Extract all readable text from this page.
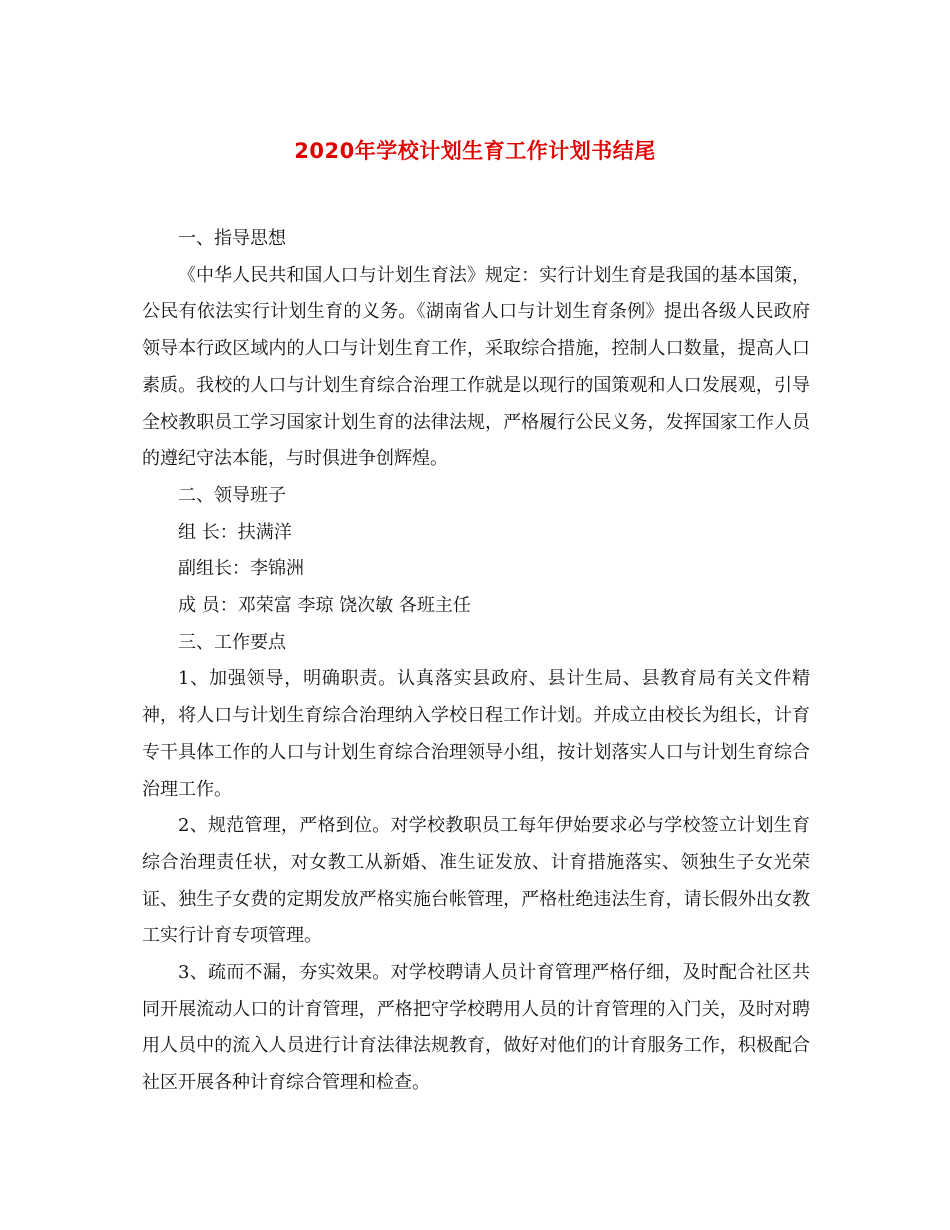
2020年学校计划生育工作计划书结尾

一、指导思想

《中华人民共和国人口与计划生育法》规定：实行计划生育是我国的基本国策，公民有依法实行计划生育的义务。《湖南省人口与计划生育条例》提出各级人民政府领导本行政区域内的人口与计划生育工作，采取综合措施，控制人口数量，提高人口素质。我校的人口与计划生育综合治理工作就是以现行的国策观和人口发展观，引导全校教职员工学习国家计划生育的法律法规，严格履行公民义务，发挥国家工作人员的遵纪守法本能，与时俱进争创辉煌。

二、领导班子

组 长：扶满洋

副组长：李锦洲

成 员：邓荣富 李琼 饶次敏 各班主任

三、工作要点

1、加强领导，明确职责。认真落实县政府、县计生局、县教育局有关文件精神，将人口与计划生育综合治理纳入学校日程工作计划。并成立由校长为组长，计育专干具体工作的人口与计划生育综合治理领导小组，按计划落实人口与计划生育综合治理工作。

2、规范管理，严格到位。对学校教职员工每年伊始要求必与学校签立计划生育综合治理责任状，对女教工从新婚、准生证发放、计育措施落实、领独生子女光荣证、独生子女费的定期发放严格实施台帐管理，严格杜绝违法生育，请长假外出女教工实行计育专项管理。

3、疏而不漏，夯实效果。对学校聘请人员计育管理严格仔细，及时配合社区共同开展流动人口的计育管理，严格把守学校聘用人员的计育管理的入门关，及时对聘用人员中的流入人员进行计育法律法规教育，做好对他们的计育服务工作，积极配合社区开展各种计育综合管理和检查。
